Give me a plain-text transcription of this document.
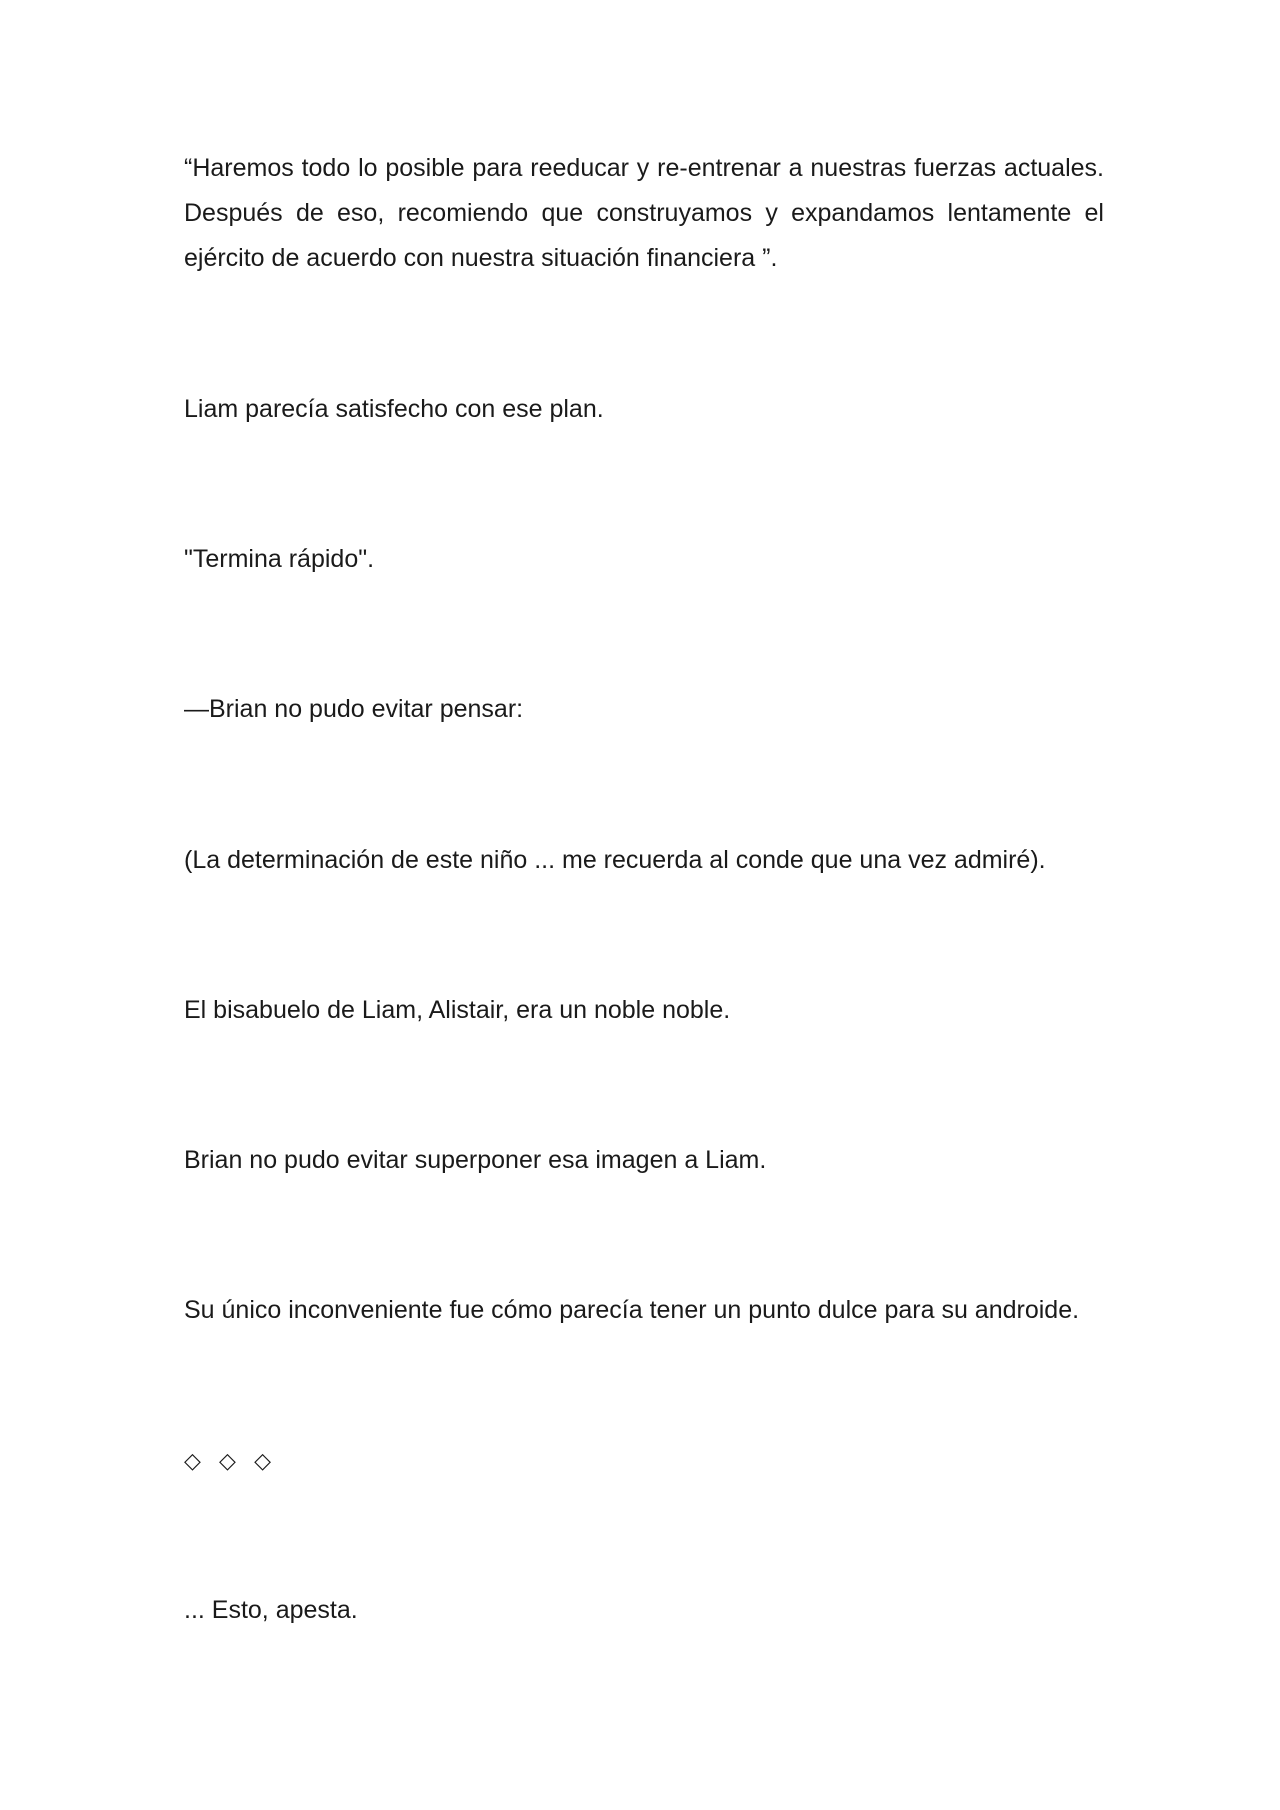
“Haremos todo lo posible para reeducar y re-entrenar a nuestras fuerzas actuales. Después de eso, recomiendo que construyamos y expandamos lentamente el ejército de acuerdo con nuestra situación financiera ”.

Liam parecía satisfecho con ese plan.

"Termina rápido".

—Brian no pudo evitar pensar:

(La determinación de este niño ... me recuerda al conde que una vez admiré).

El bisabuelo de Liam, Alistair, era un noble noble.

Brian no pudo evitar superponer esa imagen a Liam.

Su único inconveniente fue cómo parecía tener un punto dulce para su androide.

◇ ◇ ◇

... Esto, apesta.
